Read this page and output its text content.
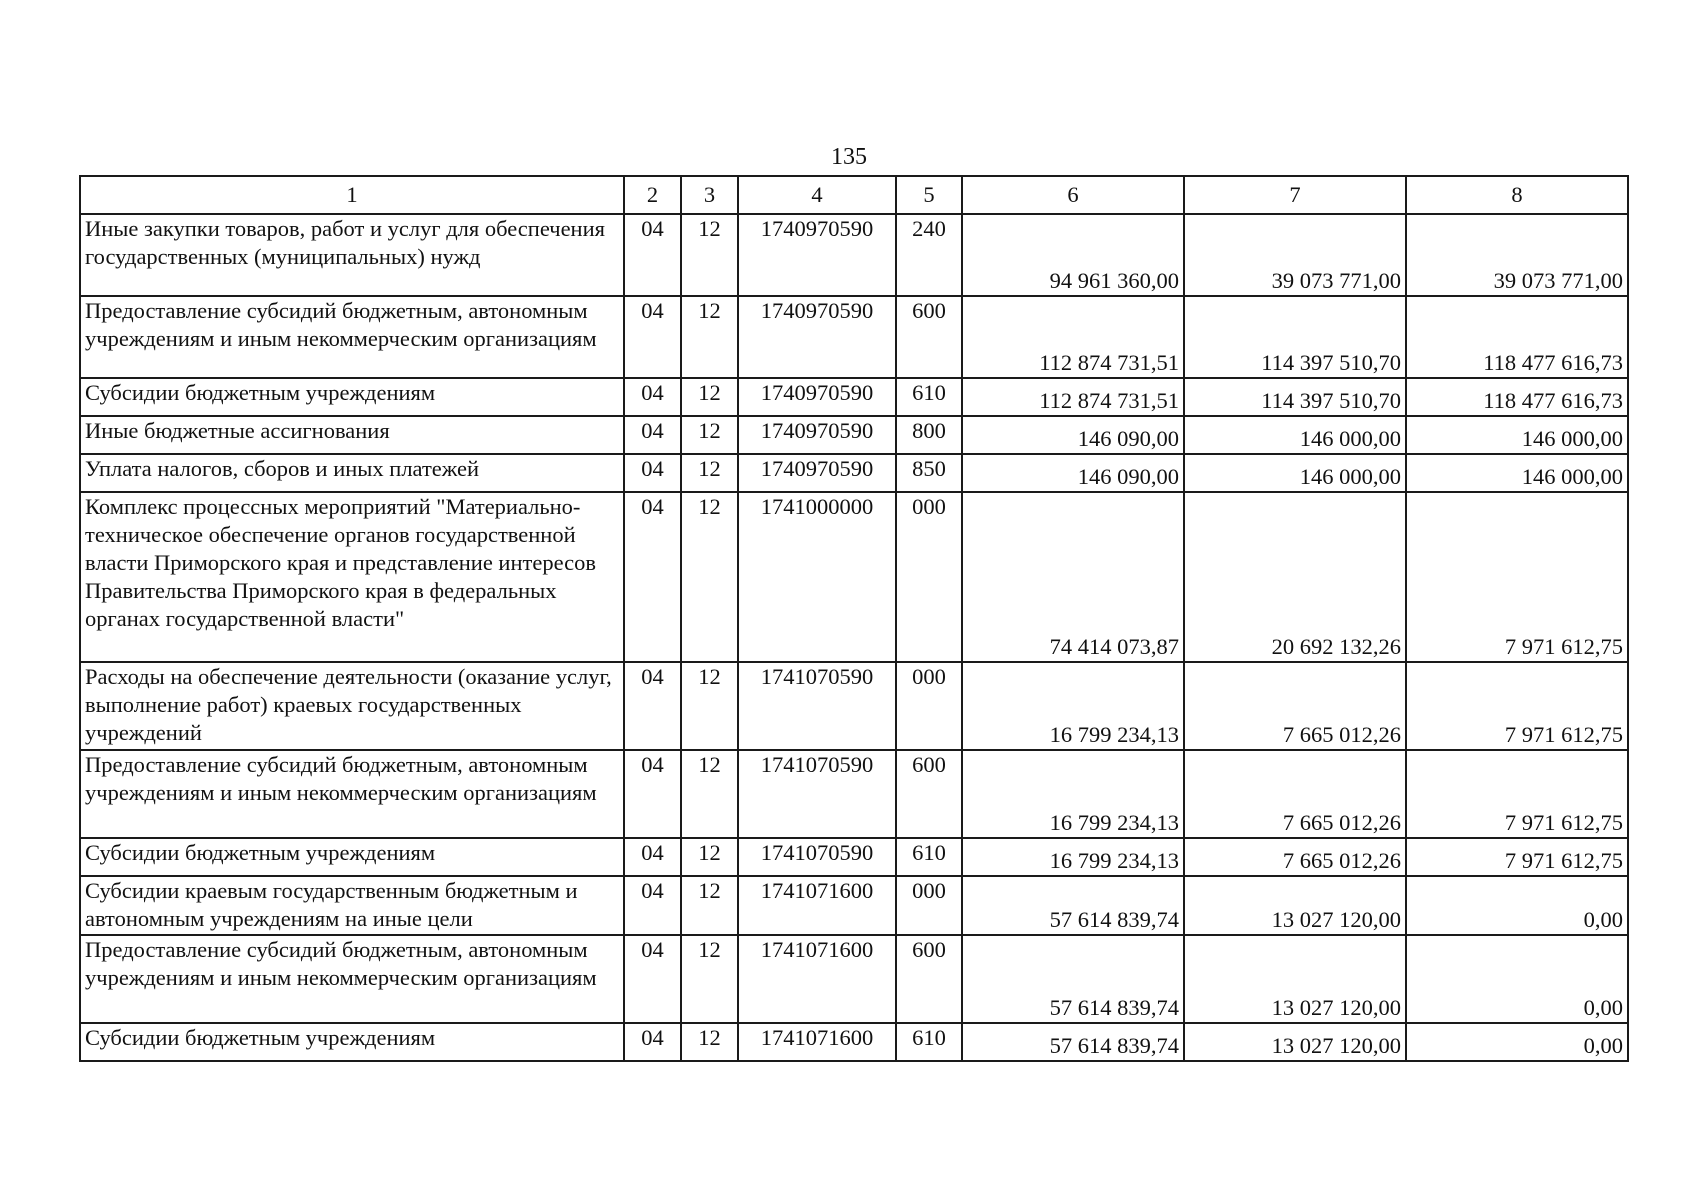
135
1	2	3	4	5	6	7	8
Иные закупки товаров, работ и услуг для обеспечения государственных (муниципальных) нужд	04	12	1740970590	240	94 961 360,00	39 073 771,00	39 073 771,00
Предоставление субсидий бюджетным, автономным учреждениям и иным некоммерческим организациям	04	12	1740970590	600	112 874 731,51	114 397 510,70	118 477 616,73
Субсидии бюджетным учреждениям	04	12	1740970590	610	112 874 731,51	114 397 510,70	118 477 616,73
Иные бюджетные ассигнования	04	12	1740970590	800	146 090,00	146 000,00	146 000,00
Уплата налогов, сборов и иных платежей	04	12	1740970590	850	146 090,00	146 000,00	146 000,00
Комплекс процессных мероприятий "Материально-техническое обеспечение органов государственной власти Приморского края и представление интересов Правительства Приморского края в федеральных органах государственной власти"	04	12	1741000000	000	74 414 073,87	20 692 132,26	7 971 612,75
Расходы на обеспечение деятельности (оказание услуг, выполнение работ) краевых государственных учреждений	04	12	1741070590	000	16 799 234,13	7 665 012,26	7 971 612,75
Предоставление субсидий бюджетным, автономным учреждениям и иным некоммерческим организациям	04	12	1741070590	600	16 799 234,13	7 665 012,26	7 971 612,75
Субсидии бюджетным учреждениям	04	12	1741070590	610	16 799 234,13	7 665 012,26	7 971 612,75
Субсидии краевым государственным бюджетным и автономным учреждениям на иные цели	04	12	1741071600	000	57 614 839,74	13 027 120,00	0,00
Предоставление субсидий бюджетным, автономным учреждениям и иным некоммерческим организациям	04	12	1741071600	600	57 614 839,74	13 027 120,00	0,00
Субсидии бюджетным учреждениям	04	12	1741071600	610	57 614 839,74	13 027 120,00	0,00
